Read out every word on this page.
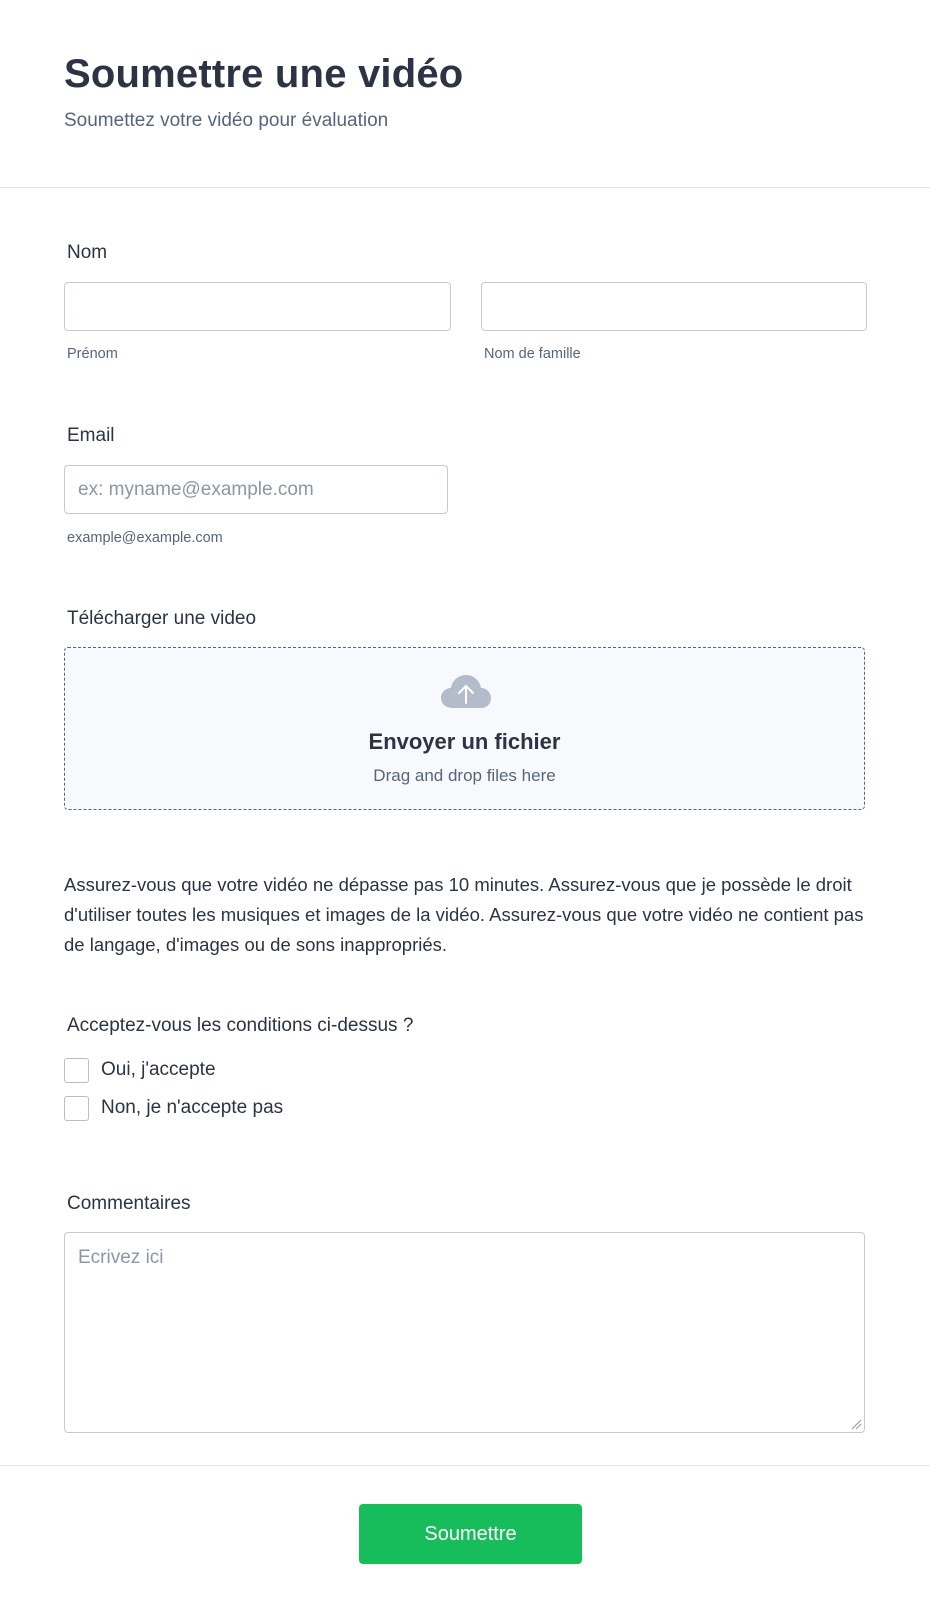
Soumettre une vidéo
Soumettez votre vidéo pour évaluation
Nom
Prénom	Nom de famille
Email
ex: myname@example.com
example@example.com
Télécharger une video
Envoyer un fichier
Drag and drop files here

Assurez-vous que votre vidéo ne dépasse pas 10 minutes. Assurez-vous que je possède le droit d'utiliser toutes les musiques et images de la vidéo. Assurez-vous que votre vidéo ne contient pas de langage, d'images ou de sons inappropriés.

Acceptez-vous les conditions ci-dessus ?
Oui, j'accepte
Non, je n'accepte pas
Commentaires
Ecrivez ici
Soumettre
